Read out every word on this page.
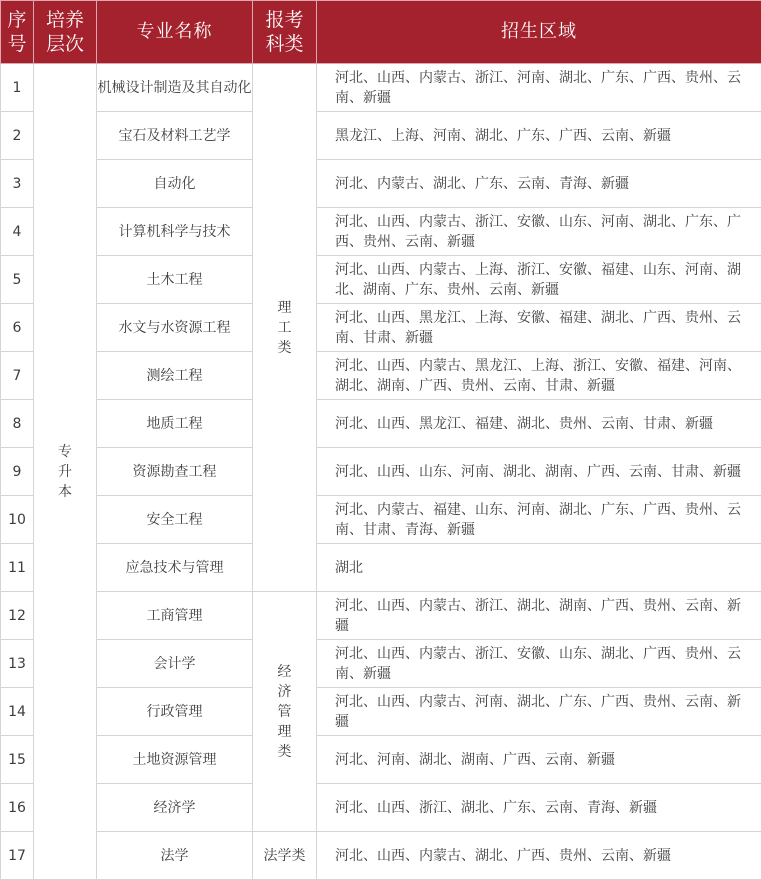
序号	培养层次	专业名称	报考科类	招生区域
1	专升本	机械设计制造及其自动化	理工类	河北、山西、内蒙古、浙江、河南、湖北、广东、广西、贵州、云南、新疆
2		宝石及材料工艺学		黑龙江、上海、河南、湖北、广东、广西、云南、新疆
3		自动化		河北、内蒙古、湖北、广东、云南、青海、新疆
4		计算机科学与技术		河北、山西、内蒙古、浙江、安徽、山东、河南、湖北、广东、广西、贵州、云南、新疆
5		土木工程		河北、山西、内蒙古、上海、浙江、安徽、福建、山东、河南、湖北、湖南、广东、贵州、云南、新疆
6		水文与水资源工程		河北、山西、黑龙江、上海、安徽、福建、湖北、广西、贵州、云南、甘肃、新疆
7		测绘工程		河北、山西、内蒙古、黑龙江、上海、浙江、安徽、福建、河南、湖北、湖南、广西、贵州、云南、甘肃、新疆
8		地质工程		河北、山西、黑龙江、福建、湖北、贵州、云南、甘肃、新疆
9		资源勘查工程		河北、山西、山东、河南、湖北、湖南、广西、云南、甘肃、新疆
10		安全工程		河北、内蒙古、福建、山东、河南、湖北、广东、广西、贵州、云南、甘肃、青海、新疆
11		应急技术与管理		湖北
12		工商管理	经济管理类	河北、山西、内蒙古、浙江、湖北、湖南、广西、贵州、云南、新疆
13		会计学		河北、山西、内蒙古、浙江、安徽、山东、湖北、广西、贵州、云南、新疆
14		行政管理		河北、山西、内蒙古、河南、湖北、广东、广西、贵州、云南、新疆
15		土地资源管理		河北、河南、湖北、湖南、广西、云南、新疆
16		经济学		河北、山西、浙江、湖北、广东、云南、青海、新疆
17		法学	法学类	河北、山西、内蒙古、湖北、广西、贵州、云南、新疆
